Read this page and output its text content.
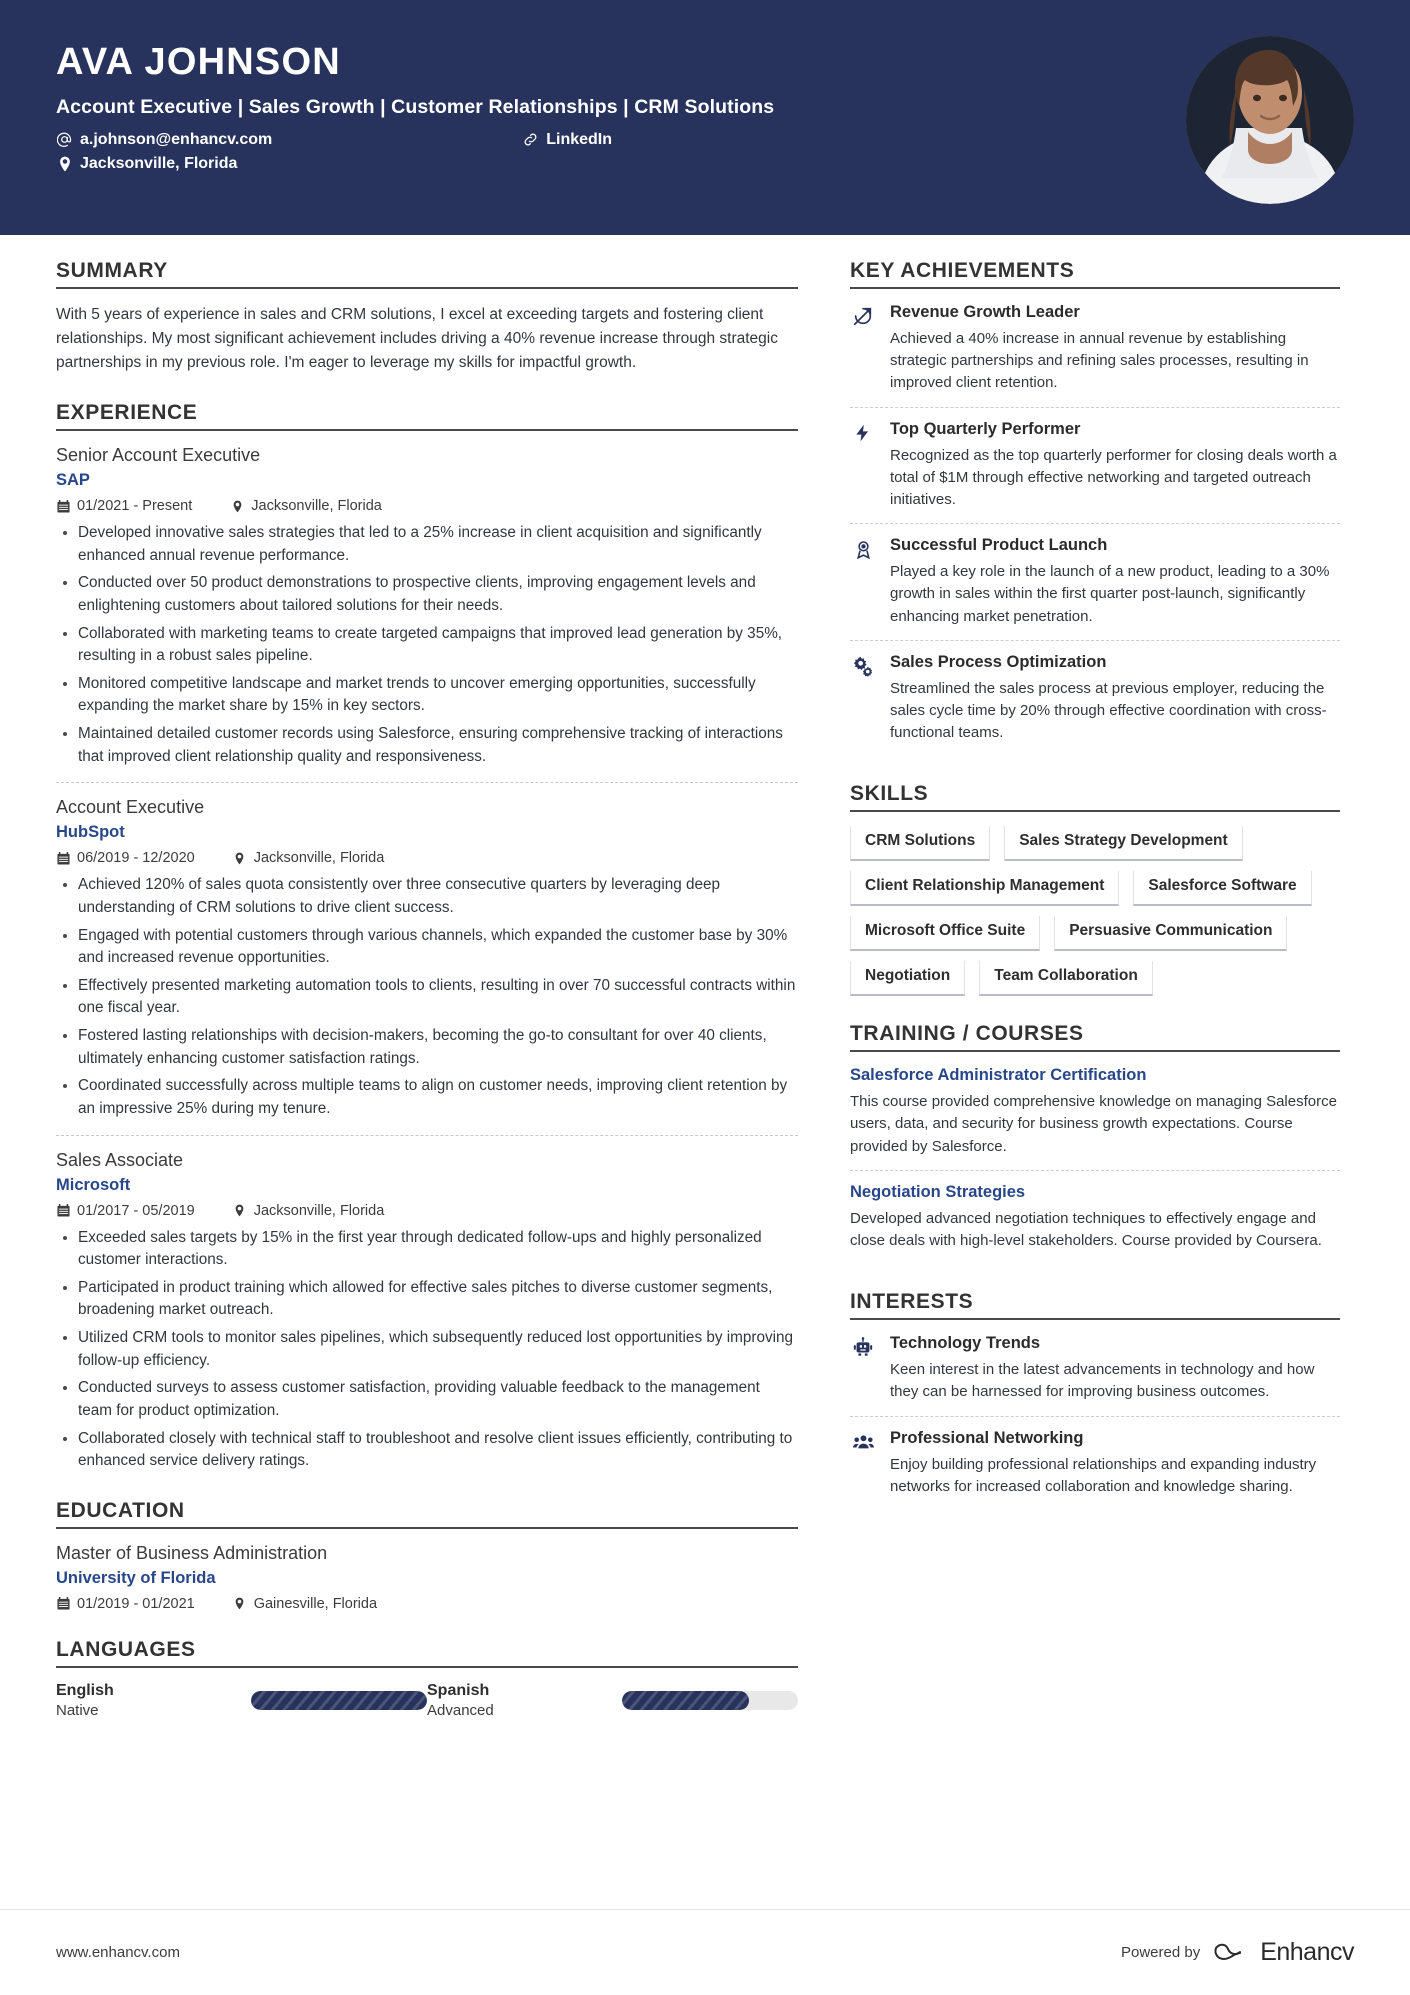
AVA JOHNSON
Account Executive | Sales Growth | Customer Relationships | CRM Solutions
a.johnson@enhancv.com	LinkedIn
Jacksonville, Florida
SUMMARY
With 5 years of experience in sales and CRM solutions, I excel at exceeding targets and fostering client relationships. My most significant achievement includes driving a 40% revenue increase through strategic partnerships in my previous role. I'm eager to leverage my skills for impactful growth.
EXPERIENCE
Senior Account Executive
SAP
01/2021 - Present	Jacksonville, Florida
Developed innovative sales strategies that led to a 25% increase in client acquisition and significantly enhanced annual revenue performance.
Conducted over 50 product demonstrations to prospective clients, improving engagement levels and enlightening customers about tailored solutions for their needs.
Collaborated with marketing teams to create targeted campaigns that improved lead generation by 35%, resulting in a robust sales pipeline.
Monitored competitive landscape and market trends to uncover emerging opportunities, successfully expanding the market share by 15% in key sectors.
Maintained detailed customer records using Salesforce, ensuring comprehensive tracking of interactions that improved client relationship quality and responsiveness.
Account Executive
HubSpot
06/2019 - 12/2020	Jacksonville, Florida
Achieved 120% of sales quota consistently over three consecutive quarters by leveraging deep understanding of CRM solutions to drive client success.
Engaged with potential customers through various channels, which expanded the customer base by 30% and increased revenue opportunities.
Effectively presented marketing automation tools to clients, resulting in over 70 successful contracts within one fiscal year.
Fostered lasting relationships with decision-makers, becoming the go-to consultant for over 40 clients, ultimately enhancing customer satisfaction ratings.
Coordinated successfully across multiple teams to align on customer needs, improving client retention by an impressive 25% during my tenure.
Sales Associate
Microsoft
01/2017 - 05/2019	Jacksonville, Florida
Exceeded sales targets by 15% in the first year through dedicated follow-ups and highly personalized customer interactions.
Participated in product training which allowed for effective sales pitches to diverse customer segments, broadening market outreach.
Utilized CRM tools to monitor sales pipelines, which subsequently reduced lost opportunities by improving follow-up efficiency.
Conducted surveys to assess customer satisfaction, providing valuable feedback to the management team for product optimization.
Collaborated closely with technical staff to troubleshoot and resolve client issues efficiently, contributing to enhanced service delivery ratings.
EDUCATION
Master of Business Administration
University of Florida
01/2019 - 01/2021	Gainesville, Florida
LANGUAGES
English
Native
Spanish
Advanced
KEY ACHIEVEMENTS
Revenue Growth Leader
Achieved a 40% increase in annual revenue by establishing strategic partnerships and refining sales processes, resulting in improved client retention.
Top Quarterly Performer
Recognized as the top quarterly performer for closing deals worth a total of $1M through effective networking and targeted outreach initiatives.
Successful Product Launch
Played a key role in the launch of a new product, leading to a 30% growth in sales within the first quarter post-launch, significantly enhancing market penetration.
Sales Process Optimization
Streamlined the sales process at previous employer, reducing the sales cycle time by 20% through effective coordination with cross-functional teams.
SKILLS
CRM Solutions	Sales Strategy Development
Client Relationship Management	Salesforce Software
Microsoft Office Suite	Persuasive Communication
Negotiation	Team Collaboration
TRAINING / COURSES
Salesforce Administrator Certification
This course provided comprehensive knowledge on managing Salesforce users, data, and security for business growth expectations. Course provided by Salesforce.
Negotiation Strategies
Developed advanced negotiation techniques to effectively engage and close deals with high-level stakeholders. Course provided by Coursera.
INTERESTS
Technology Trends
Keen interest in the latest advancements in technology and how they can be harnessed for improving business outcomes.
Professional Networking
Enjoy building professional relationships and expanding industry networks for increased collaboration and knowledge sharing.
www.enhancv.com	Powered by Enhancv
